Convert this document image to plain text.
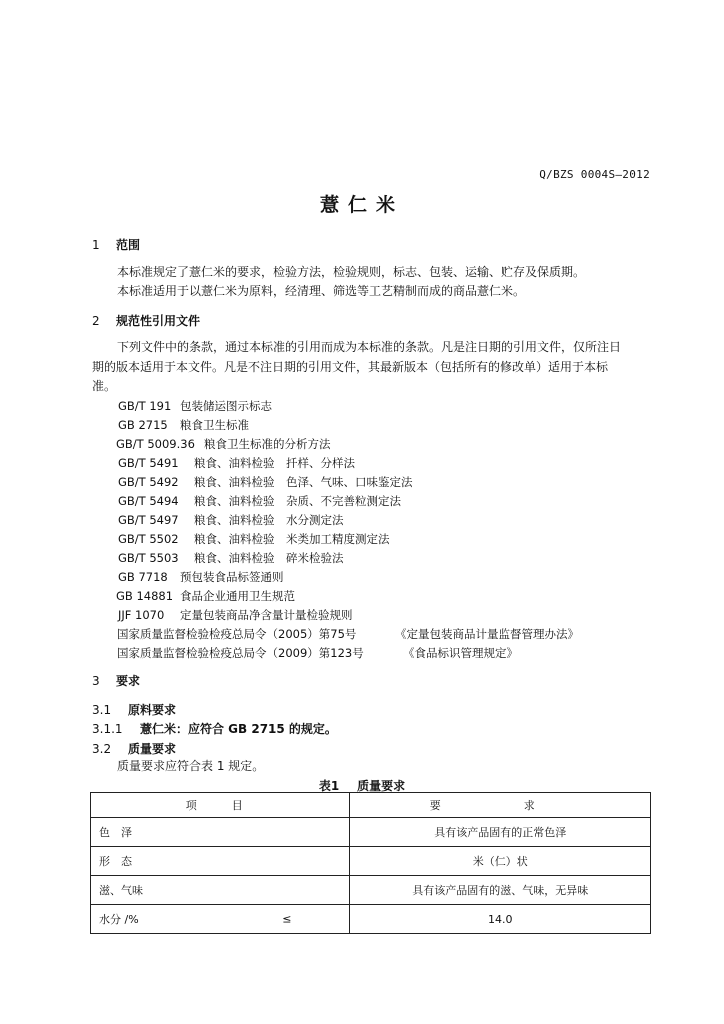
Q/BZS 0004S—2012
薏仁米
1 范围
本标准规定了薏仁米的要求，检验方法，检验规则，标志、包装、运输、贮存及保质期。
本标准适用于以薏仁米为原料，经清理、筛选等工艺精制而成的商品薏仁米。
2 规范性引用文件
下列文件中的条款，通过本标准的引用而成为本标准的条款。凡是注日期的引用文件，仅所注日
期的版本适用于本文件。凡是不注日期的引用文件，其最新版本（包括所有的修改单）适用于本标
准。
GB/T 191 包装储运图示标志
GB 2715 粮食卫生标准
GB/T 5009.36 粮食卫生标准的分析方法
GB/T 5491 粮食、油料检验　扦样、分样法
GB/T 5492 粮食、油料检验　色泽、气味、口味鉴定法
GB/T 5494 粮食、油料检验　杂质、不完善粒测定法
GB/T 5497 粮食、油料检验　水分测定法
GB/T 5502 粮食、油料检验　米类加工精度测定法
GB/T 5503 粮食、油料检验　碎米检验法
GB 7718 预包装食品标签通则
GB 14881 食品企业通用卫生规范
JJF 1070 定量包装商品净含量计量检验规则
国家质量监督检验检疫总局令（2005）第75号	《定量包装商品计量监督管理办法》
国家质量监督检验检疫总局令（2009）第123号	《食品标识管理规定》
3 要求
3.1 原料要求
3.1.1 薏仁米：应符合 GB 2715 的规定。
3.2 质量要求
质量要求应符合表 1 规定。
表1 质量要求
项　目	要　求
色　泽	具有该产品固有的正常色泽
形　态	米（仁）状
滋、气味	具有该产品固有的滋、气味，无异味
水分 /% ≤	14.0
